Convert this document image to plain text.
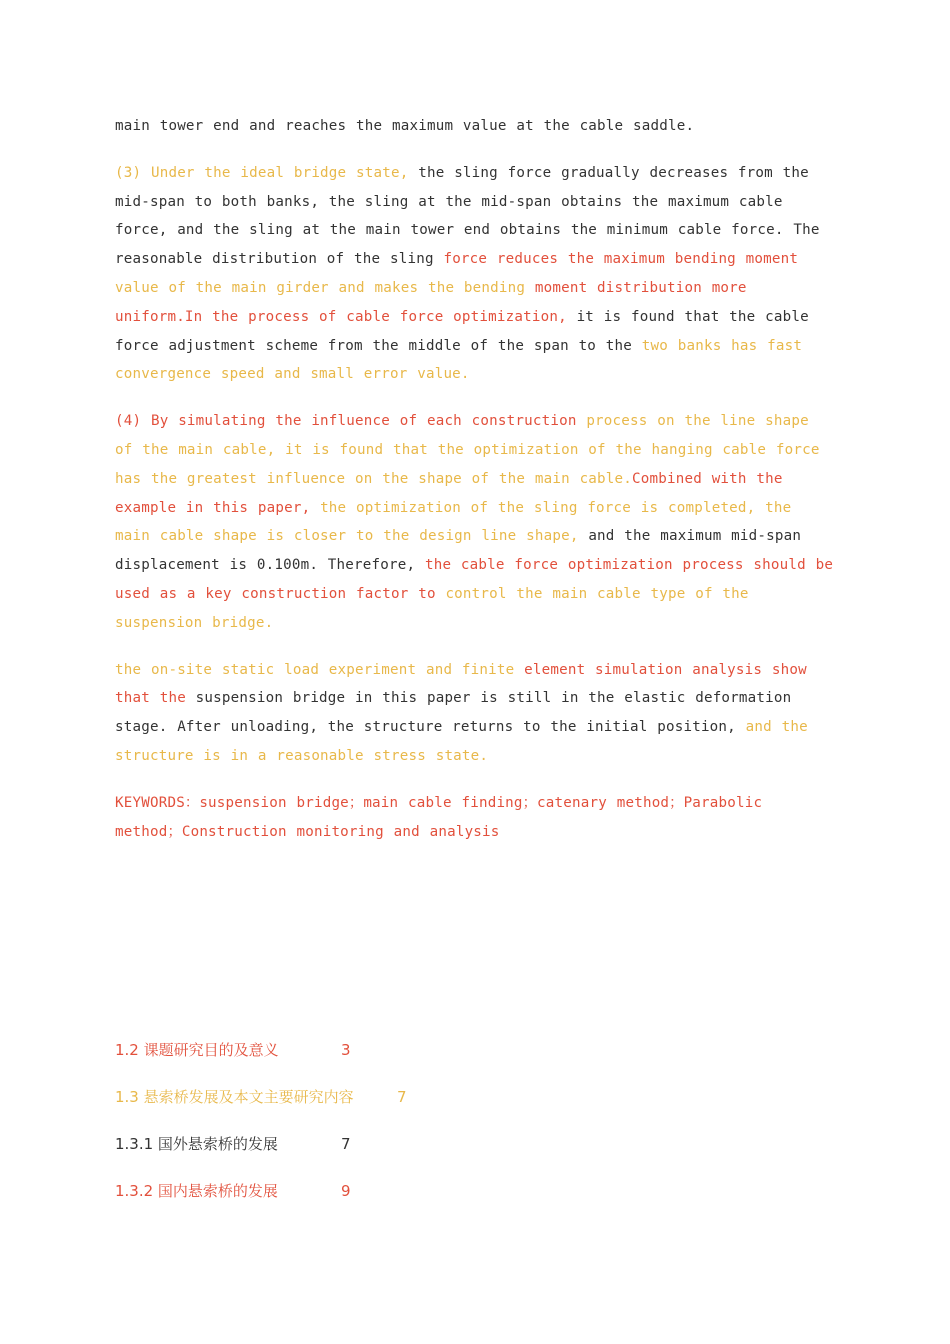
main tower end and reaches the maximum value at the cable saddle.

(3) Under the ideal bridge state, the sling force gradually decreases from the mid-span to both banks, the sling at the mid-span obtains the maximum cable force, and the sling at the main tower end obtains the minimum cable force. The reasonable distribution of the sling force reduces the maximum bending moment value of the main girder and makes the bending moment distribution more uniform.In the process of cable force optimization, it is found that the cable force adjustment scheme from the middle of the span to the two banks has fast convergence speed and small error value.

(4) By simulating the influence of each construction process on the line shape of the main cable, it is found that the optimization of the hanging cable force has the greatest influence on the shape of the main cable.Combined with the example in this paper, the optimization of the sling force is completed, the main cable shape is closer to the design line shape, and the maximum mid-span displacement is 0.100m. Therefore, the cable force optimization process should be used as a key construction factor to control the main cable type of the suspension bridge.

the on-site static load experiment and finite element simulation analysis show that the suspension bridge in this paper is still in the elastic deformation stage. After unloading, the structure returns to the initial position, and the structure is in a reasonable stress state.

KEYWORDS：suspension bridge；main cable finding；catenary method；Parabolic method；Construction monitoring and analysis

1.2 课题研究目的及意义	3
1.3 悬索桥发展及本文主要研究内容	7
1.3.1 国外悬索桥的发展	7
1.3.2 国内悬索桥的发展	9
